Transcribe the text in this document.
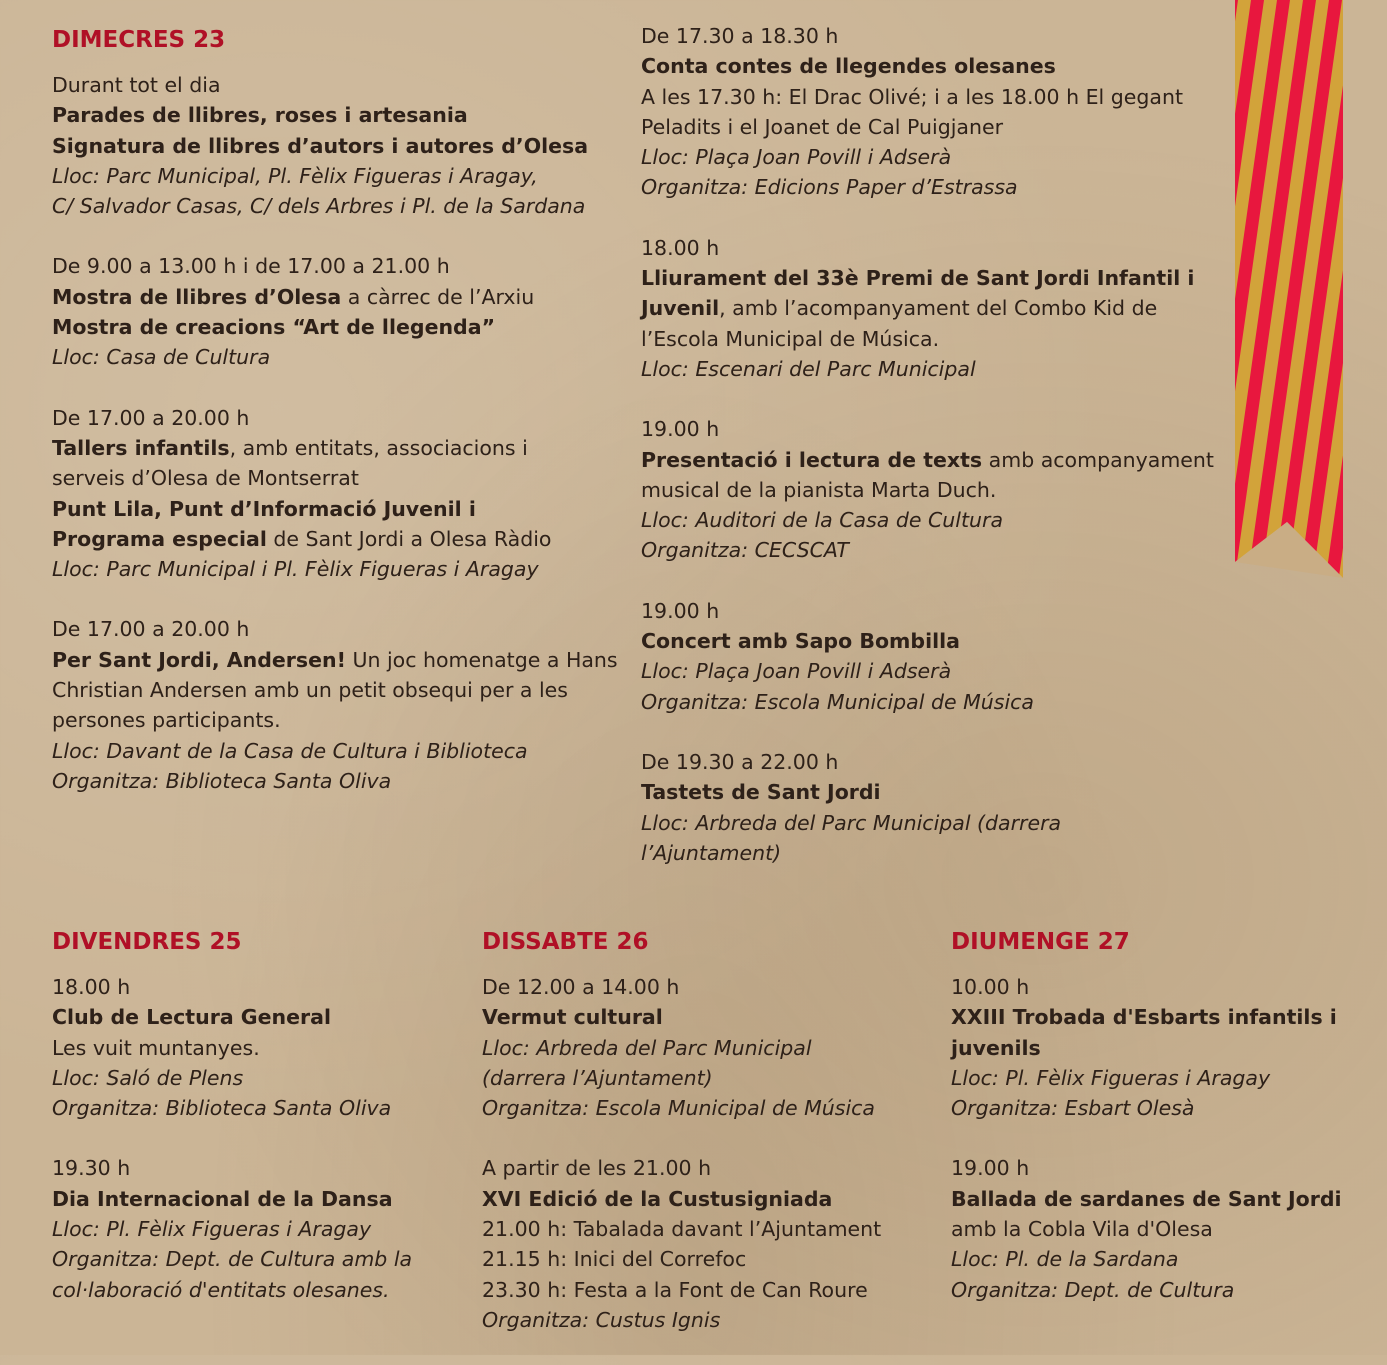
DIMECRES 23
Durant tot el dia
Parades de llibres, roses i artesania
Signatura de llibres d’autors i autores d’Olesa
Lloc: Parc Municipal, Pl. Fèlix Figueras i Aragay,
C/ Salvador Casas, C/ dels Arbres i Pl. de la Sardana
De 9.00 a 13.00 h i de 17.00 a 21.00 h
Mostra de llibres d’Olesa a càrrec de l’Arxiu
Mostra de creacions “Art de llegenda”
Lloc: Casa de Cultura
De 17.00 a 20.00 h
Tallers infantils, amb entitats, associacions i
serveis d’Olesa de Montserrat
Punt Lila, Punt d’Informació Juvenil i
Programa especial de Sant Jordi a Olesa Ràdio
Lloc: Parc Municipal i Pl. Fèlix Figueras i Aragay
De 17.00 a 20.00 h
Per Sant Jordi, Andersen! Un joc homenatge a Hans
Christian Andersen amb un petit obsequi per a les
persones participants.
Lloc: Davant de la Casa de Cultura i Biblioteca
Organitza: Biblioteca Santa Oliva
De 17.30 a 18.30 h
Conta contes de llegendes olesanes
A les 17.30 h: El Drac Olivé; i a les 18.00 h El gegant
Peladits i el Joanet de Cal Puigjaner
Lloc: Plaça Joan Povill i Adserà
Organitza: Edicions Paper d’Estrassa
18.00 h
Lliurament del 33è Premi de Sant Jordi Infantil i
Juvenil, amb l’acompanyament del Combo Kid de
l’Escola Municipal de Música.
Lloc: Escenari del Parc Municipal
19.00 h
Presentació i lectura de texts amb acompanyament
musical de la pianista Marta Duch.
Lloc: Auditori de la Casa de Cultura
Organitza: CECSCAT
19.00 h
Concert amb Sapo Bombilla
Lloc: Plaça Joan Povill i Adserà
Organitza: Escola Municipal de Música
De 19.30 a 22.00 h
Tastets de Sant Jordi
Lloc: Arbreda del Parc Municipal (darrera
l’Ajuntament)
DIVENDRES 25
18.00 h
Club de Lectura General
Les vuit muntanyes.
Lloc: Saló de Plens
Organitza: Biblioteca Santa Oliva
19.30 h
Dia Internacional de la Dansa
Lloc: Pl. Fèlix Figueras i Aragay
Organitza: Dept. de Cultura amb la
col·laboració d'entitats olesanes.
DISSABTE 26
De 12.00 a 14.00 h
Vermut cultural
Lloc: Arbreda del Parc Municipal
(darrera l’Ajuntament)
Organitza: Escola Municipal de Música
A partir de les 21.00 h
XVI Edició de la Custusigniada
21.00 h: Tabalada davant l’Ajuntament
21.15 h: Inici del Correfoc
23.30 h: Festa a la Font de Can Roure
Organitza: Custus Ignis
DIUMENGE 27
10.00 h
XXIII Trobada d'Esbarts infantils i
juvenils
Lloc: Pl. Fèlix Figueras i Aragay
Organitza: Esbart Olesà
19.00 h
Ballada de sardanes de Sant Jordi
amb la Cobla Vila d'Olesa
Lloc: Pl. de la Sardana
Organitza: Dept. de Cultura
